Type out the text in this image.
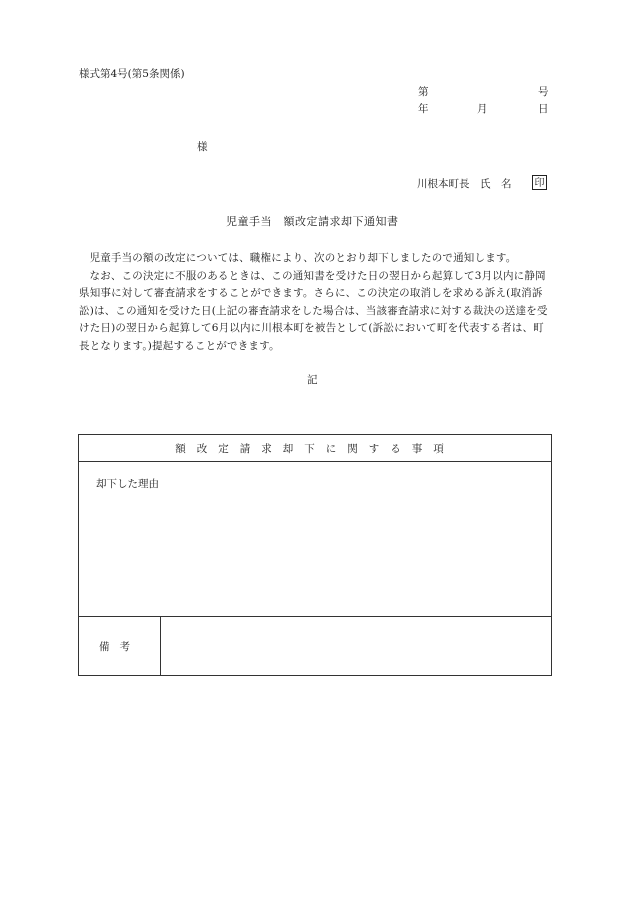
様式第4号(第5条関係)
第	号
年	月	日
様
川根本町長　氏　名 印
児童手当　額改定請求却下通知書

児童手当の額の改定については、職権により、次のとおり却下しましたので通知します。

なお、この決定に不服のあるときは、この通知書を受けた日の翌日から起算して3月以内に静岡県知事に対して審査請求をすることができます。さらに、この決定の取消しを求める訴え(取消訴訟)は、この通知を受けた日(上記の審査請求をした場合は、当該審査請求に対する裁決の送達を受けた日)の翌日から起算して6月以内に川根本町を被告として(訴訟において町を代表する者は、町長となります。)提起することができます。

記
額改定請求却下に関する事項
却下した理由

備考	
